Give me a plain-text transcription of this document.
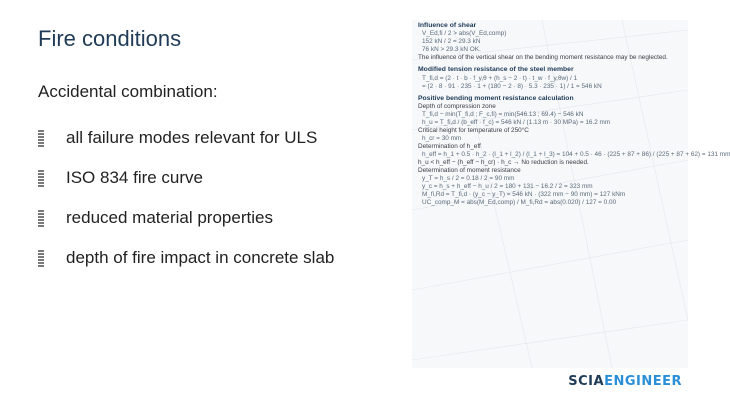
Fire conditions
Accidental combination:
all failure modes relevant for ULS
ISO 834 fire curve
reduced material properties
depth of fire impact in concrete slab
Influence of shear
V_Ed,fi / 2 > abs(V_Ed,comp)
152 kN / 2 = 29.3 kN
76 kN > 29.3 kN OK.
The influence of the vertical shear on the bending moment resistance may be neglected.
Modified tension resistance of the steel member
T_fi,d = (2 · t · b · f_y,θ + (h_s − 2 · t) · t_w · f_y,θw) / 1
= (2 · 8 · 91 · 235 · 1 + (180 − 2 · 8) · 5.3 · 235 · 1) / 1 = 546 kN
Positive bending moment resistance calculation
Depth of compression zone
T_fi,d − min(T_fi,d ; F_c,fi) = min(546.13 ; 69.4) − 546 kN
h_u = T_fi,d / (b_eff · f_c) = 546 kN / (1.13 m · 30 MPa) = 16.2 mm
Critical height for temperature of 250°C
h_cr = 30 mm
Determination of h_eff
h_eff = h_1 + 0.5 · h_2 · (l_1 + l_2) / (l_1 + l_3) = 104 + 0.5 · 46 · (225 + 87 + 86) / (225 + 87 + 62) = 131 mm
h_u < h_eff − (h_eff − h_cr) · h_c → No reduction is needed.
Determination of moment resistance
y_T = h_s / 2 = 0.18 / 2 = 90 mm
y_c = h_s + h_eff − h_u / 2 = 180 + 131 − 16.2 / 2 = 323 mm
M_fi,Rd = T_fi,d · (y_c − y_T) = 546 kN · (322 mm − 90 mm) = 127 kNm
UC_comp_M = abs(M_Ed,comp) / M_fi,Rd = abs(0.020) / 127 = 0.00
SCIAENGINEER
